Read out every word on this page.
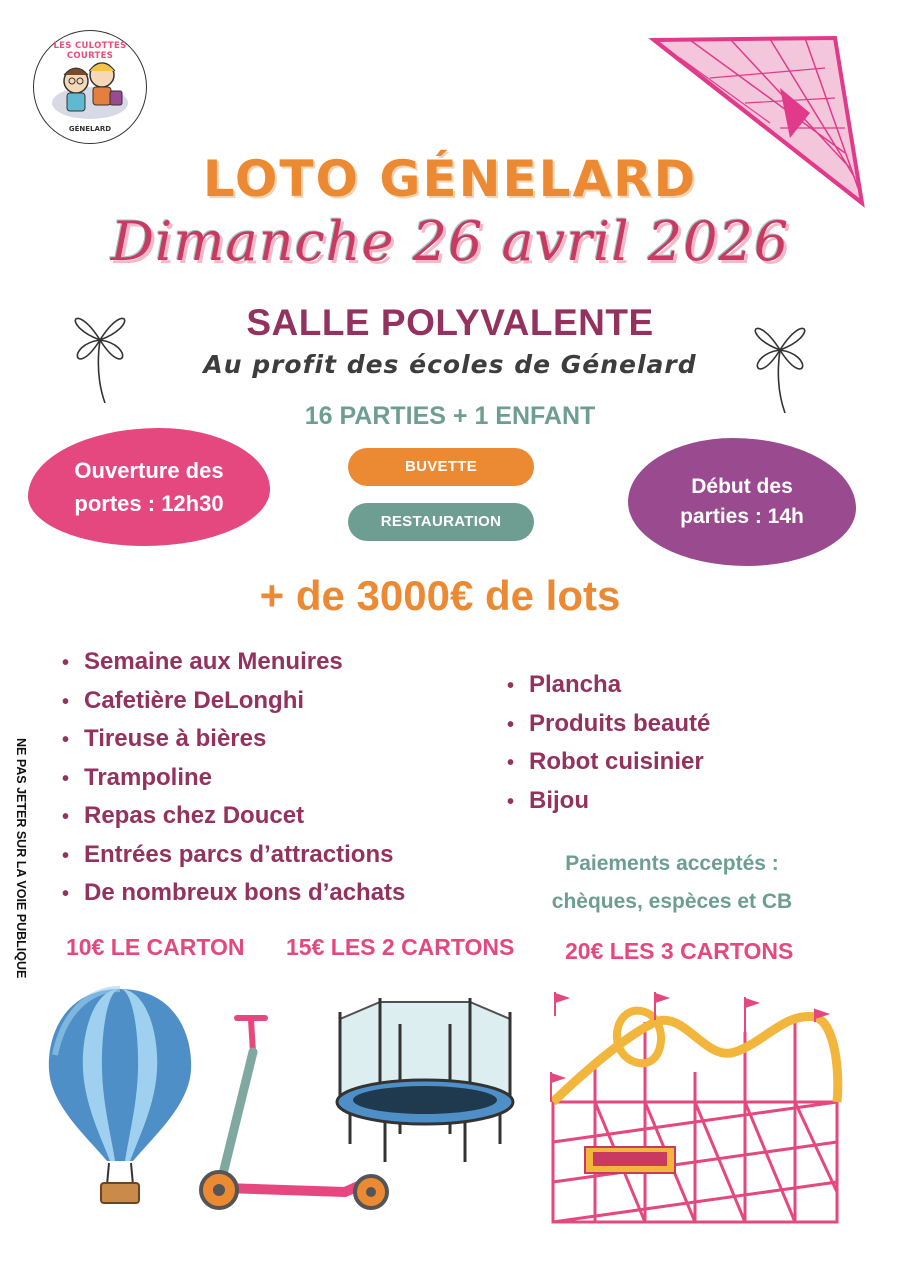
LES CULOTTES COURTES
GÉNELARD
LOTO GÉNELARD
Dimanche 26 avril 2026
SALLE POLYVALENTE
Au profit des écoles de Génelard
16 PARTIES + 1 ENFANT
Ouverture des
portes : 12h30
BUVETTE
RESTAURATION
Début des
parties : 14h
+ de 3000€ de lots
• Semaine aux Menuires
• Cafetière DeLonghi
• Tireuse à bières
• Trampoline
• Repas chez Doucet
• Entrées parcs d’attractions
• De nombreux bons d’achats
• Plancha
• Produits beauté
• Robot cuisinier
• Bijou
Paiements acceptés :
chèques, espèces et CB
10€ LE CARTON 15€ LES 2 CARTONS 20€ LES 3 CARTONS
NE PAS JETER SUR LA VOIE PUBLIQUE
